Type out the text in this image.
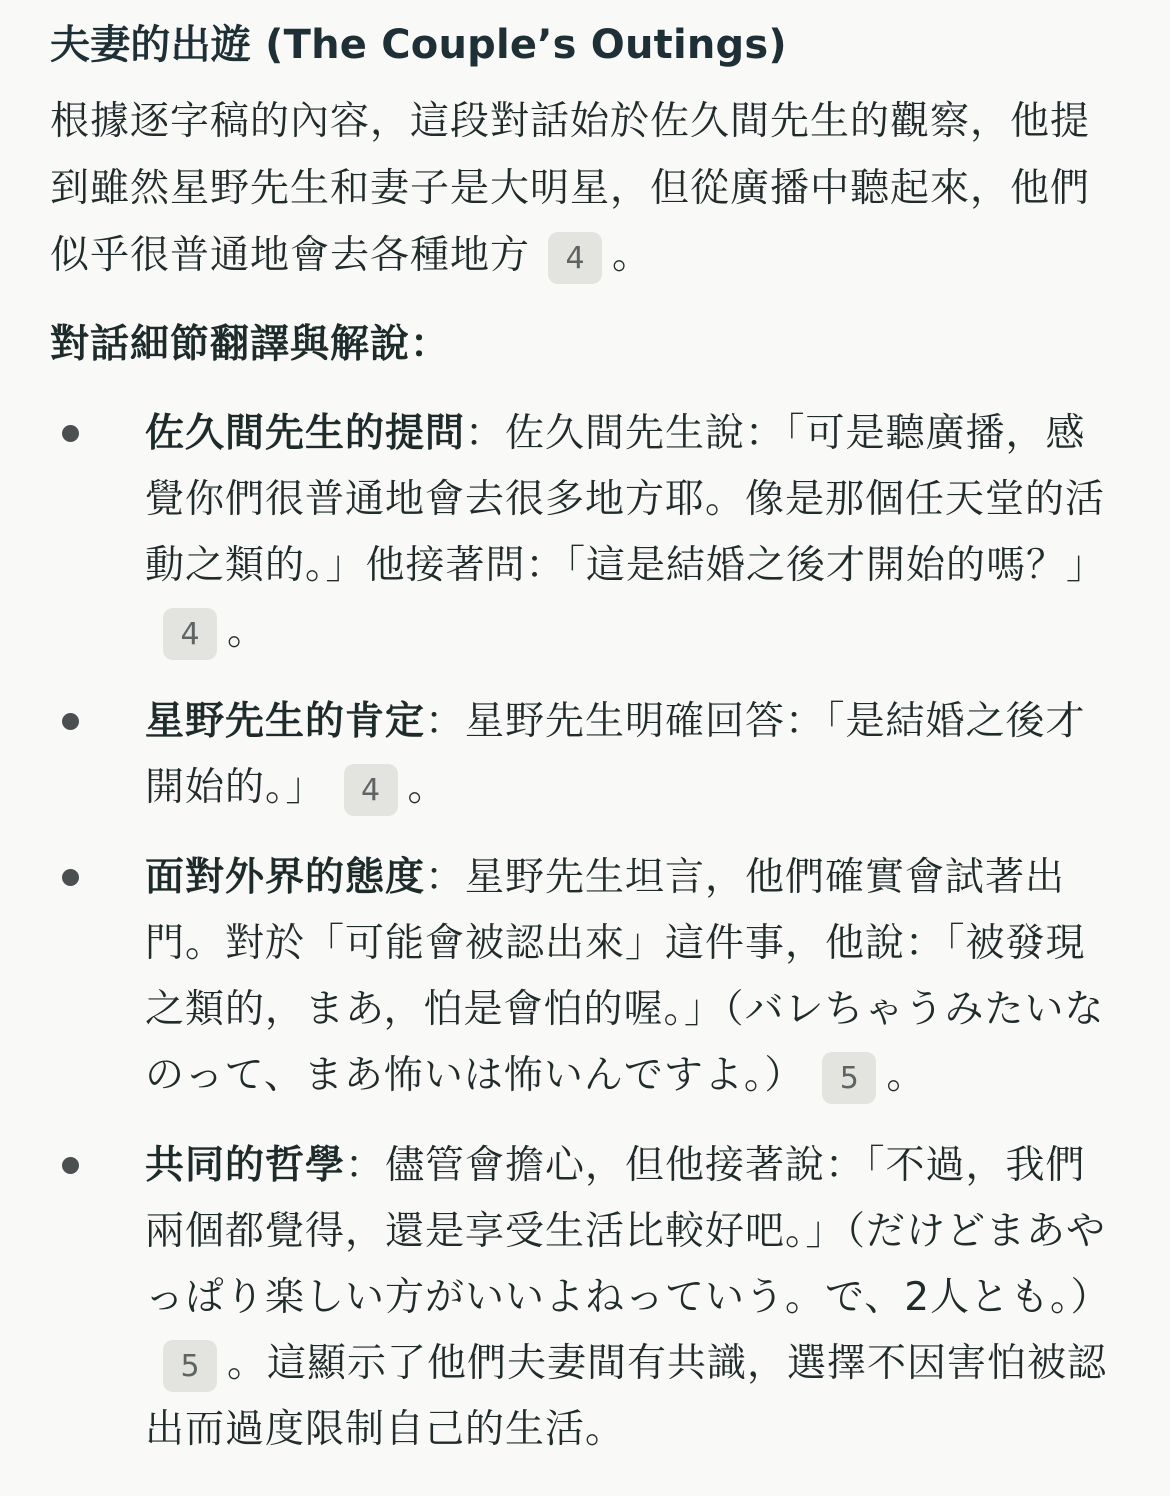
夫妻的出遊 (The Couple’s Outings)

根據逐字稿的內容，這段對話始於佐久間先生的觀察，他提到雖然星野先生和妻子是大明星，但從廣播中聽起來，他們似乎很普通地會去各種地方 4 。

對話細節翻譯與解說：
佐久間先生的提問：佐久間先生說：「可是聽廣播，感覺你們很普通地會去很多地方耶。像是那個任天堂的活動之類的。」他接著問：「這是結婚之後才開始的嗎？」4 。
星野先生的肯定：星野先生明確回答：「是結婚之後才開始的。」 4 。
面對外界的態度：星野先生坦言，他們確實會試著出門。對於「可能會被認出來」這件事，他說：「被發現之類的，まあ，怕是會怕的喔。」（バレちゃうみたいなのって、まあ怖いは怖いんですよ。） 5 。
共同的哲學：儘管會擔心，但他接著說：「不過，我們兩個都覺得，還是享受生活比較好吧。」（だけどまあやっぱり楽しい方がいいよねっていう。で、2人とも。）5 。這顯示了他們夫妻間有共識，選擇不因害怕被認出而過度限制自己的生活。
